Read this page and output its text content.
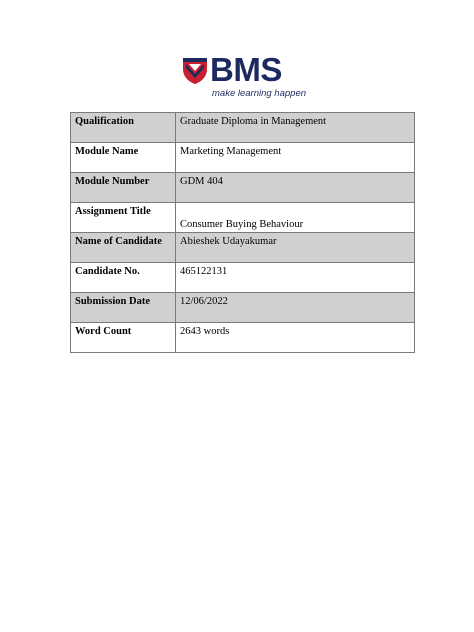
BMS
make learning happen
Qualification	Graduate Diploma in Management
Module Name	Marketing Management
Module Number	GDM 404
Assignment Title	Consumer Buying Behaviour
Name of Candidate	Abieshek Udayakumar
Candidate No.	465122131
Submission Date	12/06/2022
Word Count	2643 words
